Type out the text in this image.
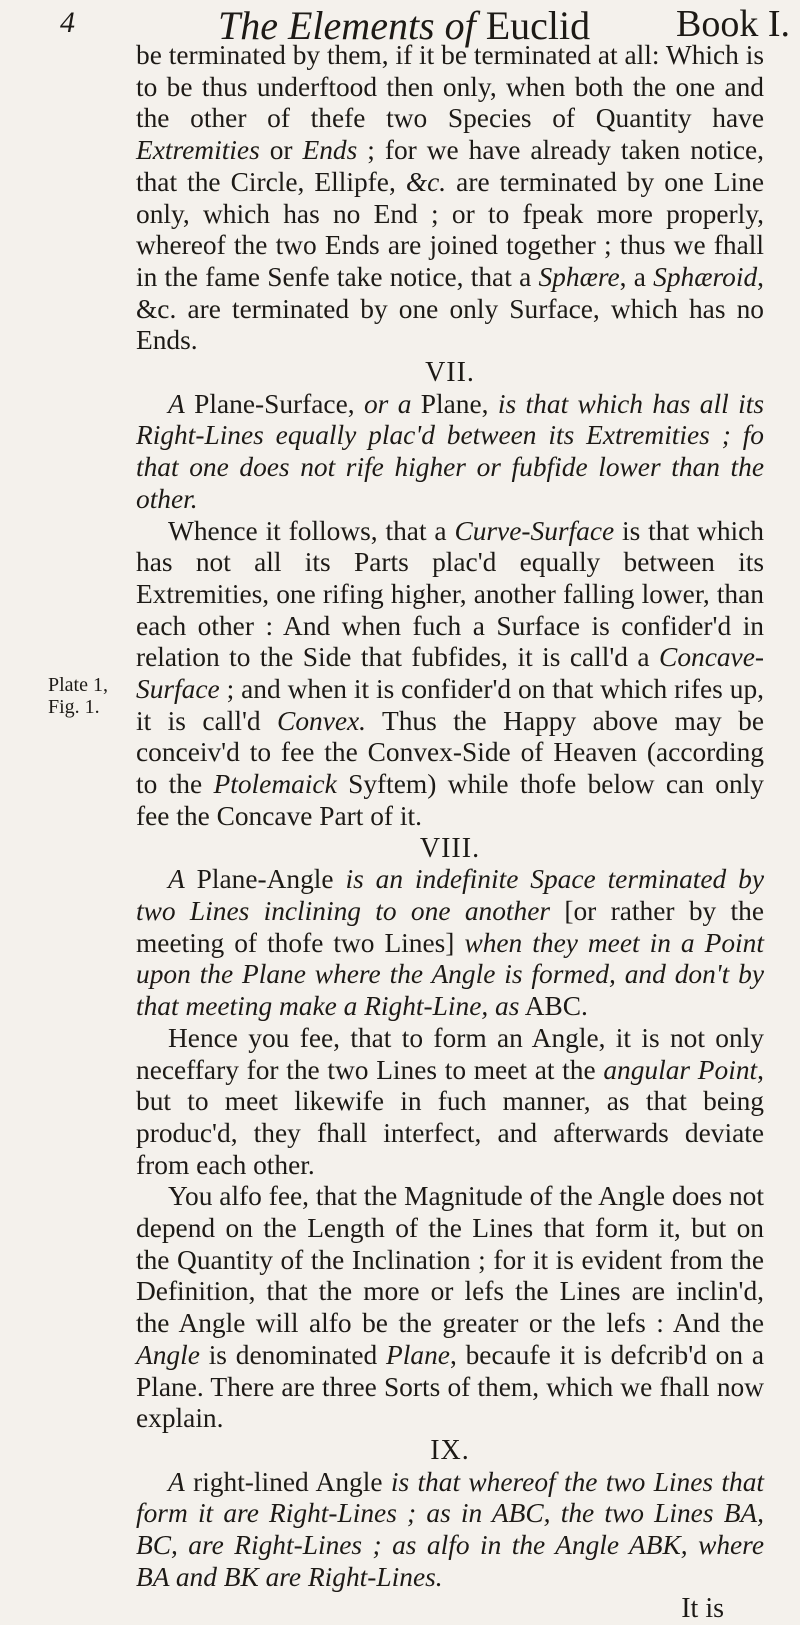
4	The Elements of Euclid Book I.
Plate 1,
Fig. 1.

be terminated by them, if it be terminated at all: Which is to be thus underftood then only, when both the one and the other of thefe two Species of Quantity have Extremities or Ends ; for we have already taken notice, that the Circle, Ellipfe, &c. are terminated by one Line only, which has no End ; or to fpeak more properly, whereof the two Ends are joined together ; thus we fhall in the fame Senfe take notice, that a Sphære, a Sphæroid, &c. are terminated by one only Surface, which has no Ends.

VII.

A Plane-Surface, or a Plane, is that which has all its Right-Lines equally plac'd between its Extremities ; fo that one does not rife higher or fubfide lower than the other.

Whence it follows, that a Curve-Surface is that which has not all its Parts plac'd equally between its Extremities, one rifing higher, another falling lower, than each other : And when fuch a Surface is confider'd in relation to the Side that fubfides, it is call'd a Concave-Surface ; and when it is confider'd on that which rifes up, it is call'd Convex. Thus the Happy above may be conceiv'd to fee the Convex-Side of Heaven (according to the Ptolemaick Syftem) while thofe below can only fee the Concave Part of it.

VIII.

A Plane-Angle is an indefinite Space terminated by two Lines inclining to one another [or rather by the meeting of thofe two Lines] when they meet in a Point upon the Plane where the Angle is formed, and don't by that meeting make a Right-Line, as ABC.

Hence you fee, that to form an Angle, it is not only neceffary for the two Lines to meet at the angular Point, but to meet likewife in fuch manner, as that being produc'd, they fhall interfect, and afterwards deviate from each other.

You alfo fee, that the Magnitude of the Angle does not depend on the Length of the Lines that form it, but on the Quantity of the Inclination ; for it is evident from the Definition, that the more or lefs the Lines are inclin'd, the Angle will alfo be the greater or the lefs : And the Angle is denominated Plane, becaufe it is defcrib'd on a Plane. There are three Sorts of them, which we fhall now explain.

IX.

A right-lined Angle is that whereof the two Lines that form it are Right-Lines ; as in ABC, the two Lines BA, BC, are Right-Lines ; as alfo in the Angle ABK, where BA and BK are Right-Lines.

It is
